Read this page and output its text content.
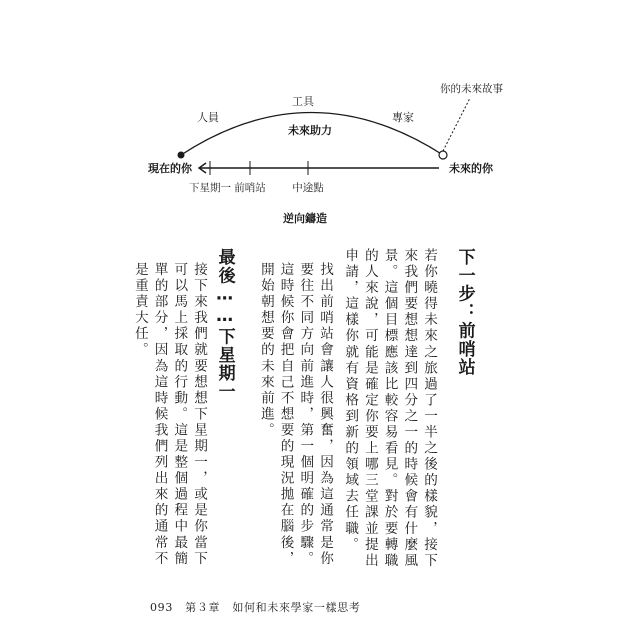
現在的你	未來的你
你的未來故事
人員
工具
專家
未來助力
下星期一 前哨站	中途點
逆向鑄造
下一步：前哨站
若你曉得未來之旅過了一半之後的樣貌，接下來我們要想想達到四分之一的時候會有什麼風景。這個目標應該比較容易看見。對於要轉職的人來說，可能是確定你要上哪三堂課並提出申請，這樣你就有資格到新的領域去任職。
找出前哨站會讓人很興奮，因為這通常是你要往不同方向前進時，第一個明確的步驟。這時候你會把自己不想要的現況拋在腦後，開始朝想要的未來前進。
最後……下星期一
接下來我們就要想想下星期一，或是你當下可以馬上採取的行動。這是整個過程中最簡單的部分，因為這時候我們列出來的通常不是重責大任。
093 第３章 如何和未來學家一樣思考
